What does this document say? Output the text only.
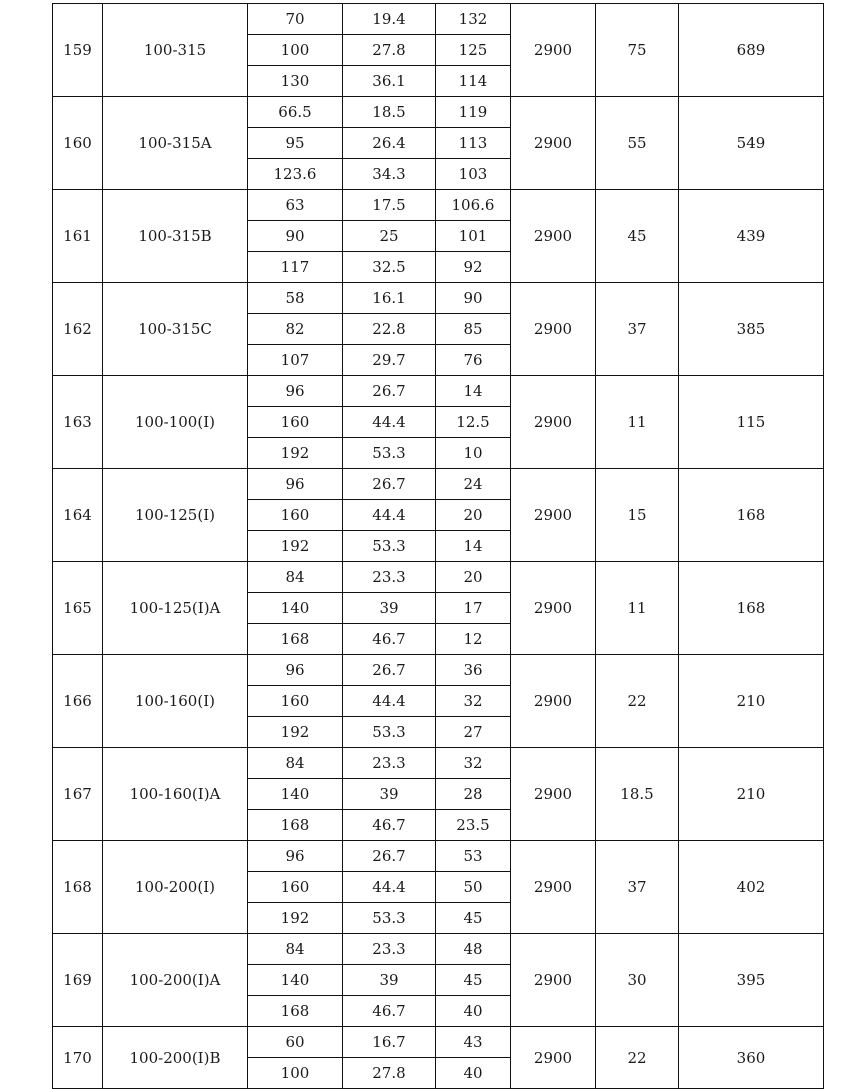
159	100-315	70	19.4	132	2900	75	689
		100	27.8	125			
		130	36.1	114			
160	100-315A	66.5	18.5	119	2900	55	549
		95	26.4	113			
		123.6	34.3	103			
161	100-315B	63	17.5	106.6	2900	45	439
		90	25	101			
		117	32.5	92			
162	100-315C	58	16.1	90	2900	37	385
		82	22.8	85			
		107	29.7	76			
163	100-100(I)	96	26.7	14	2900	11	115
		160	44.4	12.5			
		192	53.3	10			
164	100-125(I)	96	26.7	24	2900	15	168
		160	44.4	20			
		192	53.3	14			
165	100-125(I)A	84	23.3	20	2900	11	168
		140	39	17			
		168	46.7	12			
166	100-160(I)	96	26.7	36	2900	22	210
		160	44.4	32			
		192	53.3	27			
167	100-160(I)A	84	23.3	32	2900	18.5	210
		140	39	28			
		168	46.7	23.5			
168	100-200(I)	96	26.7	53	2900	37	402
		160	44.4	50			
		192	53.3	45			
169	100-200(I)A	84	23.3	48	2900	30	395
		140	39	45			
		168	46.7	40			
170	100-200(I)B	60	16.7	43	2900	22	360
		100	27.8	40			
